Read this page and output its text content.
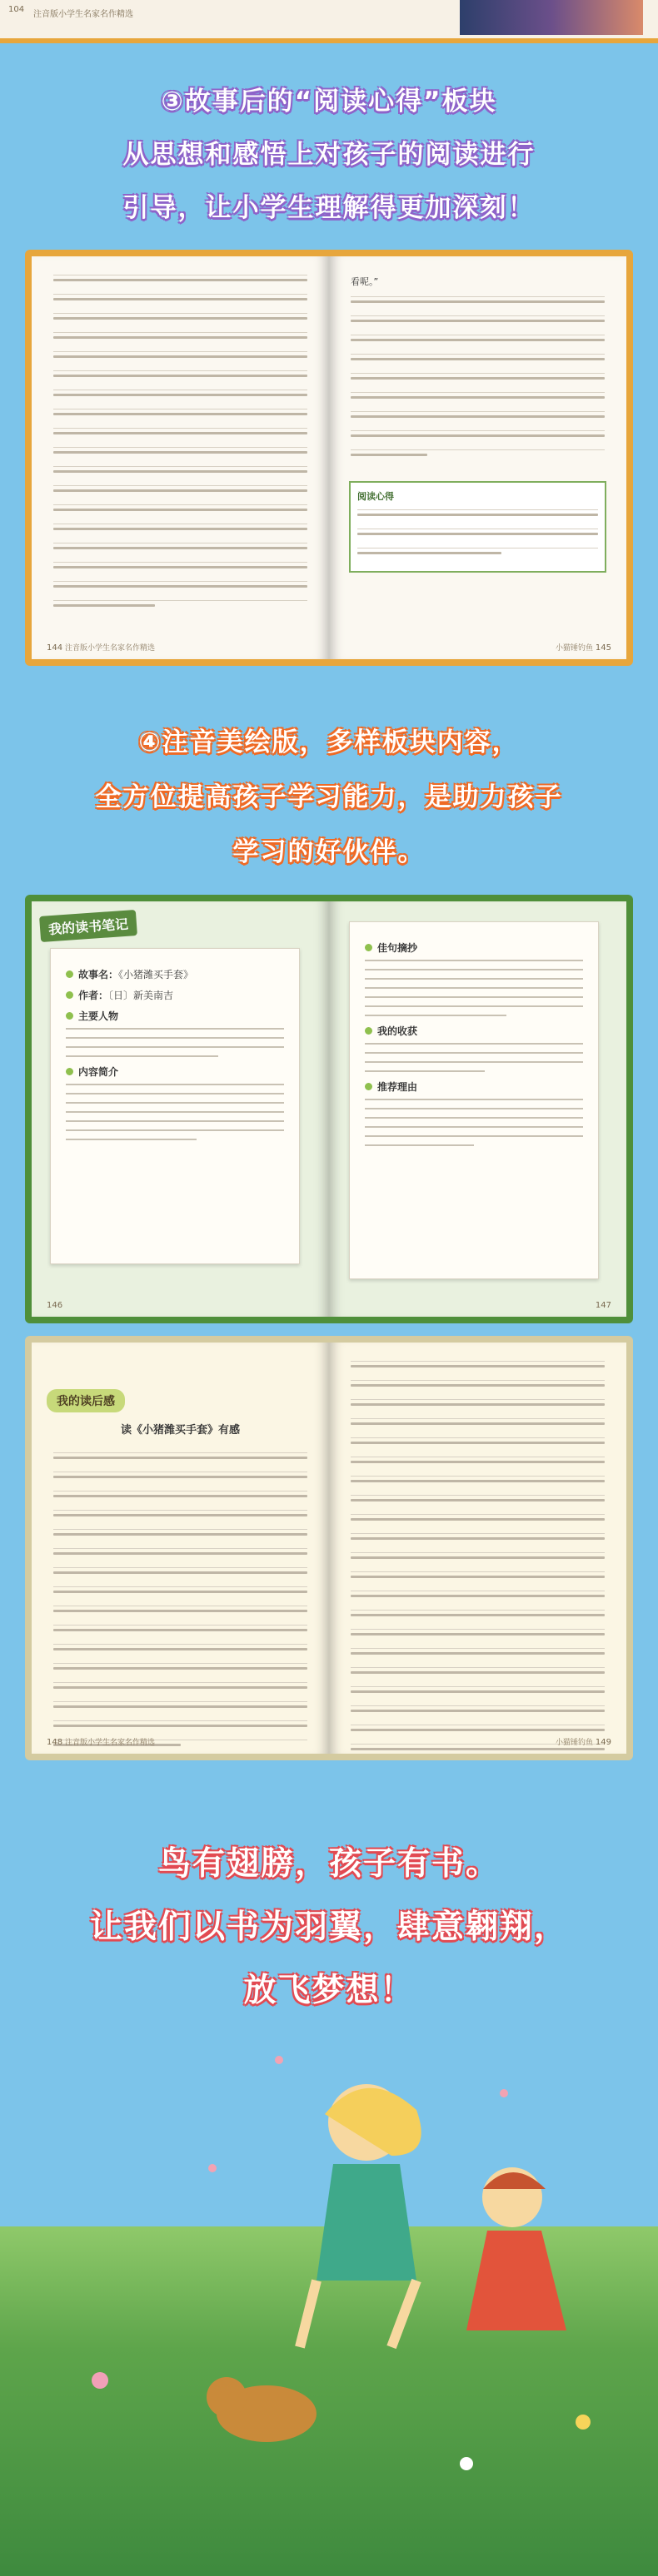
104
注音版小学生名家名作精选
③故事后的“阅读心得”板块
从思想和感悟上对孩子的阅读进行
引导，让小学生理解得更加深刻！
注音版小学生名家名作精选
144
看呢。”
阅读心得
小猫锤钓鱼 145
④注音美绘版，多样板块内容，
全方位提高孩子学习能力，是助力孩子
学习的好伙伴。
我的读书笔记
故事名：《小猪潍买手套》
作者：〔日〕新美南吉
主要人物
内容简介
146
佳句摘抄
我的收获
推荐理由
147
我的读后感
读《小猪潍买手套》有感
注音版小学生名家名作精选
148	小猫锤钓鱼 149
鸟有翅膀，孩子有书。
让我们以书为羽翼，肆意翱翔，
放飞梦想！
